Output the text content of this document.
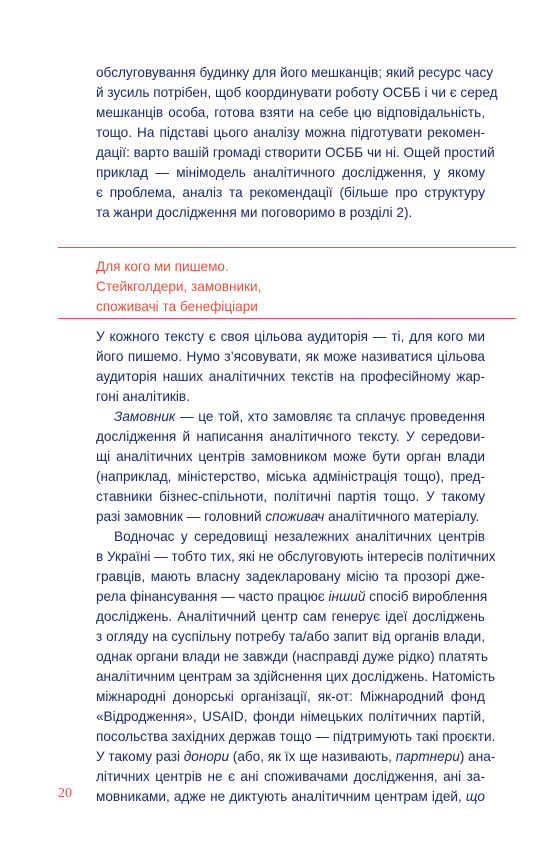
обслуговування будинку для його мешканців; який ресурс часу
й зусиль потрібен, щоб координувати роботу ОСББ і чи є серед
мешканців особа, готова взяти на себе цю відповідальність,
тощо. На підставі цього аналізу можна підготувати рекомен-
дації: варто вашій громаді створити ОСББ чи ні. Ощей простий
приклад — мінімодель аналітичного дослідження, у якому
є проблема, аналіз та рекомендації (більше про структуру
та жанри дослідження ми поговоримо в розділі 2).
Для кого ми пишемо.
Стейкголдери, замовники,
споживачі та бенефіціари
У кожного тексту є своя цільова аудиторія — ті, для кого ми
його пишемо. Нумо з’ясовувати, як може називатися цільова
аудиторія наших аналітичних текстів на професійному жар-
гоні аналітиків.
Замовник — це той, хто замовляє та сплачує проведення
дослідження й написання аналітичного тексту. У середови-
щі аналітичних центрів замовником може бути орган влади
(наприклад, міністерство, міська адміністрація тощо), пред-
ставники бізнес-спільноти, політичні партія тощо. У такому
разі замовник — головний споживач аналітичного матеріалу.
Водночас у середовищі незалежних аналітичних центрів
в Україні — тобто тих, які не обслуговують інтересів політичних
гравців, мають власну задекларовану місію та прозорі дже-
рела фінансування — часто працює інший спосіб вироблення
досліджень. Аналітичний центр сам генерує ідеї досліджень
з огляду на суспільну потребу та/або запит від органів влади,
однак органи влади не завжди (насправді дуже рідко) платять
аналітичним центрам за здійснення цих досліджень. Натомість
міжнародні донорські організації, як-от: Міжнародний фонд
«Відродження», USAID, фонди німецьких політичних партій,
посольства західних держав тощо — підтримують такі проєкти.
У такому разі донори (або, як їх ще називають, партнери) ана-
літичних центрів не є ані споживачами дослідження, ані за-
мовниками, адже не диктують аналітичним центрам ідей, що
20
